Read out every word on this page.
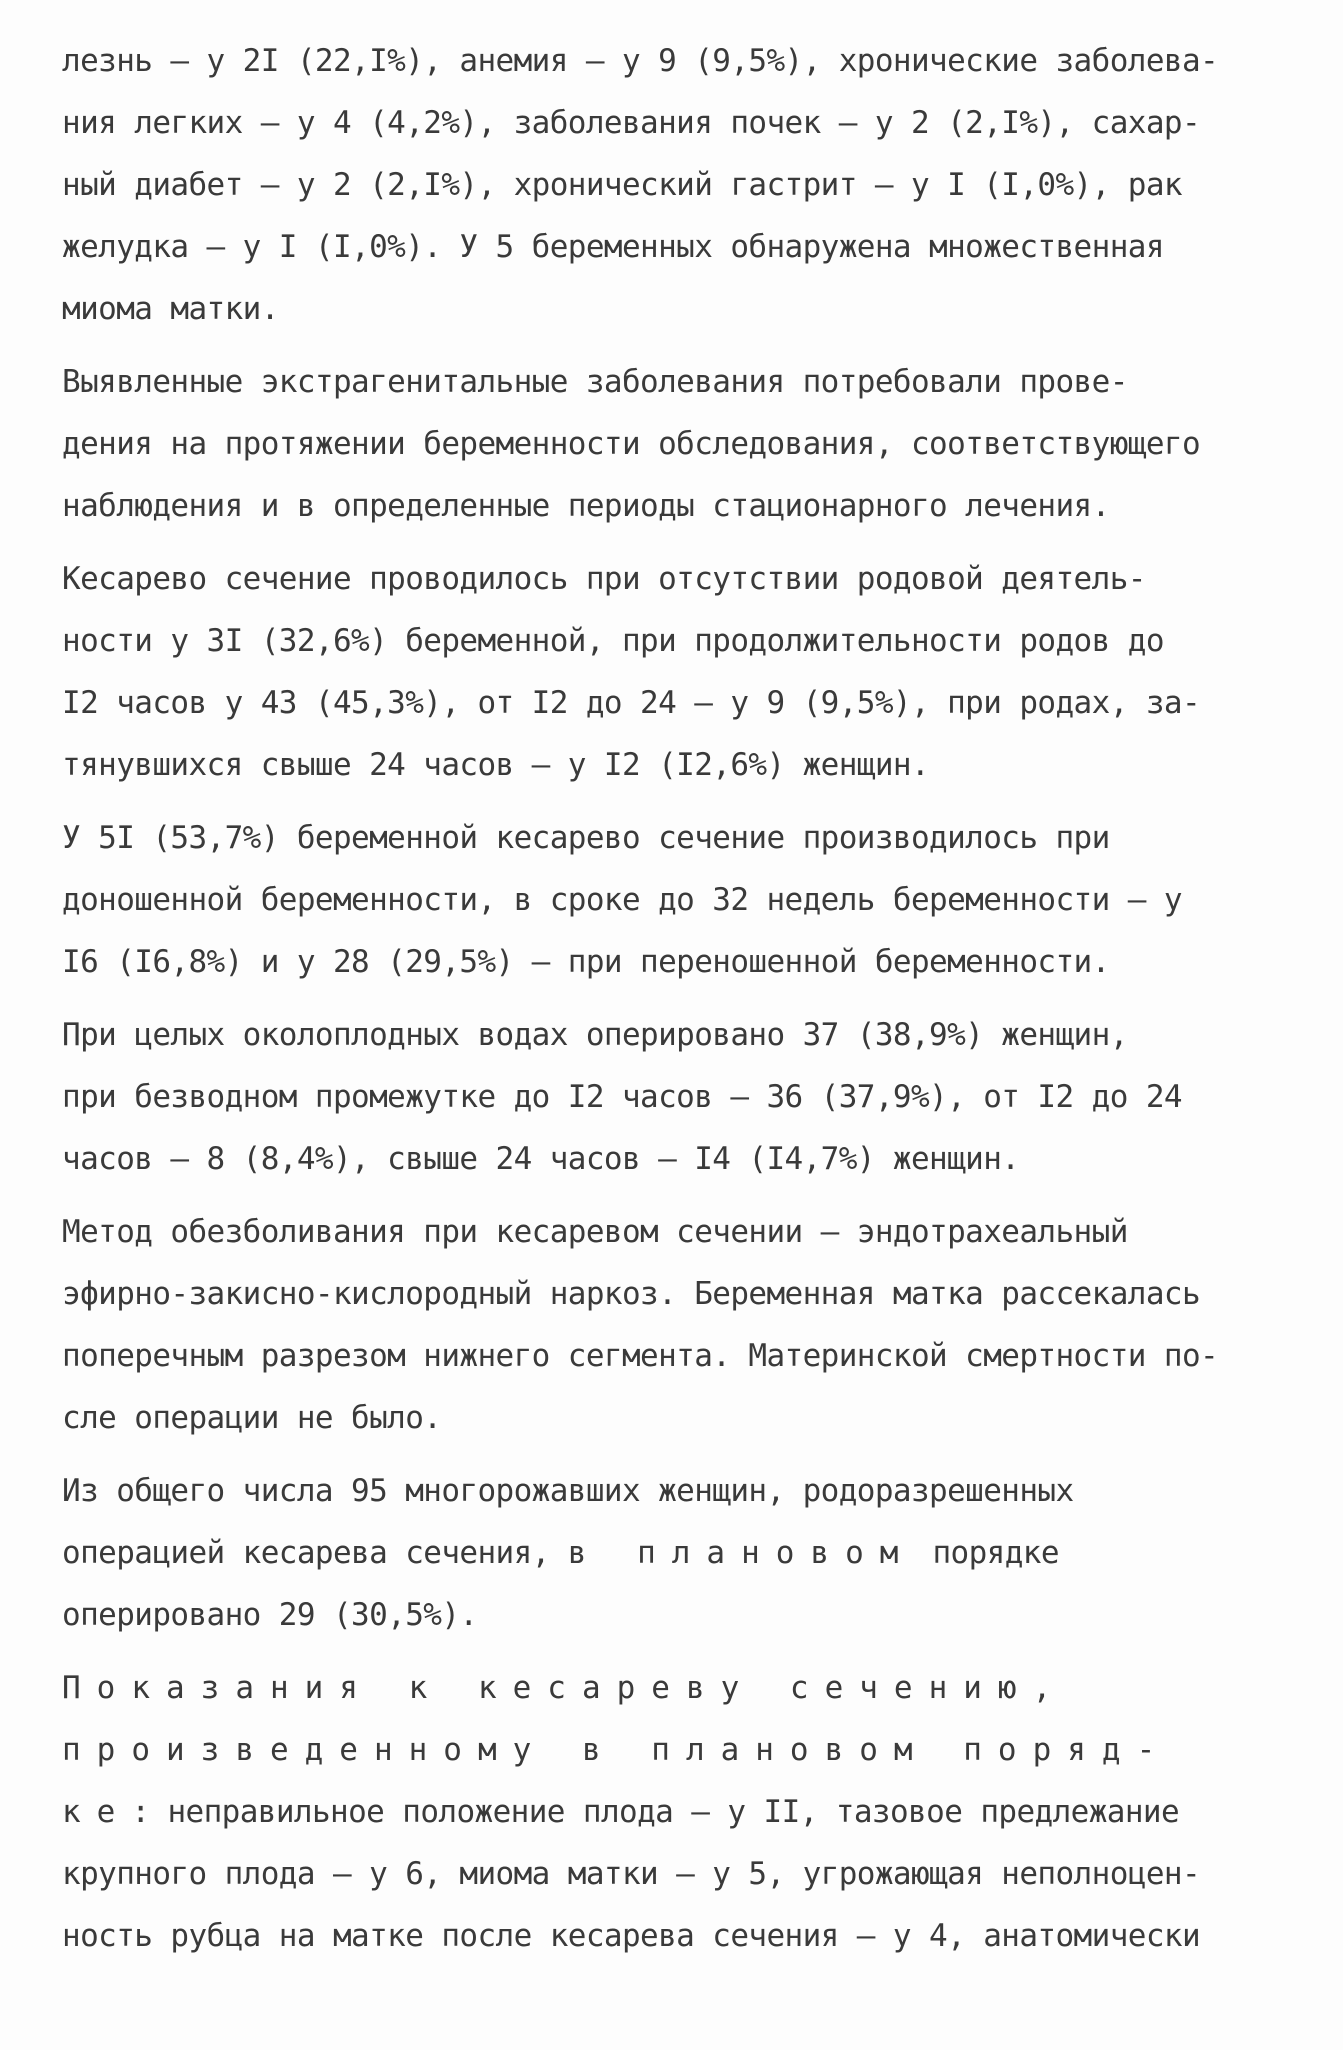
лезнь – у 2I (22,I%), анемия – у 9 (9,5%), хронические заболева-
ния легких – у 4 (4,2%), заболевания почек – у 2 (2,I%), сахар-
ный диабет – у 2 (2,I%), хронический гастрит – у I (I,0%), рак
желудка – у I (I,0%). У 5 беременных обнаружена множественная
миома матки.

Выявленные экстрагенитальные заболевания потребовали прове-
дения на протяжении беременности обследования, соответствующего
наблюдения и в определенные периоды стационарного лечения.

Кесарево сечение проводилось при отсутствии родовой деятель-
ности у 3I (32,6%) беременной, при продолжительности родов до
I2 часов у 43 (45,3%), от I2 до 24 – у 9 (9,5%), при родах, за-
тянувшихся свыше 24 часов – у I2 (I2,6%) женщин.

У 5I (53,7%) беременной кесарево сечение производилось при
доношенной беременности, в сроке до 32 недель беременности – у
I6 (I6,8%) и у 28 (29,5%) – при переношенной беременности.

При целых околоплодных водах оперировано 37 (38,9%) женщин,
при безводном промежутке до I2 часов – 36 (37,9%), от I2 до 24
часов – 8 (8,4%), свыше 24 часов – I4 (I4,7%) женщин.

Метод обезболивания при кесаревом сечении – эндотрахеальный
эфирно-закисно-кислородный наркоз. Беременная матка рассекалась
поперечным разрезом нижнего сегмента. Материнской смертности по-
сле операции не было.

Из общего числа 95 многорожавших женщин, родоразрешенных
операцией кесарева сечения, в плановом порядке оперировано 29 (30,5%).

Показания к кесареву сечению,
произведенному в плановом поряд-
ке: неправильное положение плода – у II, тазовое предлежание
крупного плода – у 6, миома матки – у 5, угрожающая неполноцен-
ность рубца на матке после кесарева сечения – у 4, анатомически
